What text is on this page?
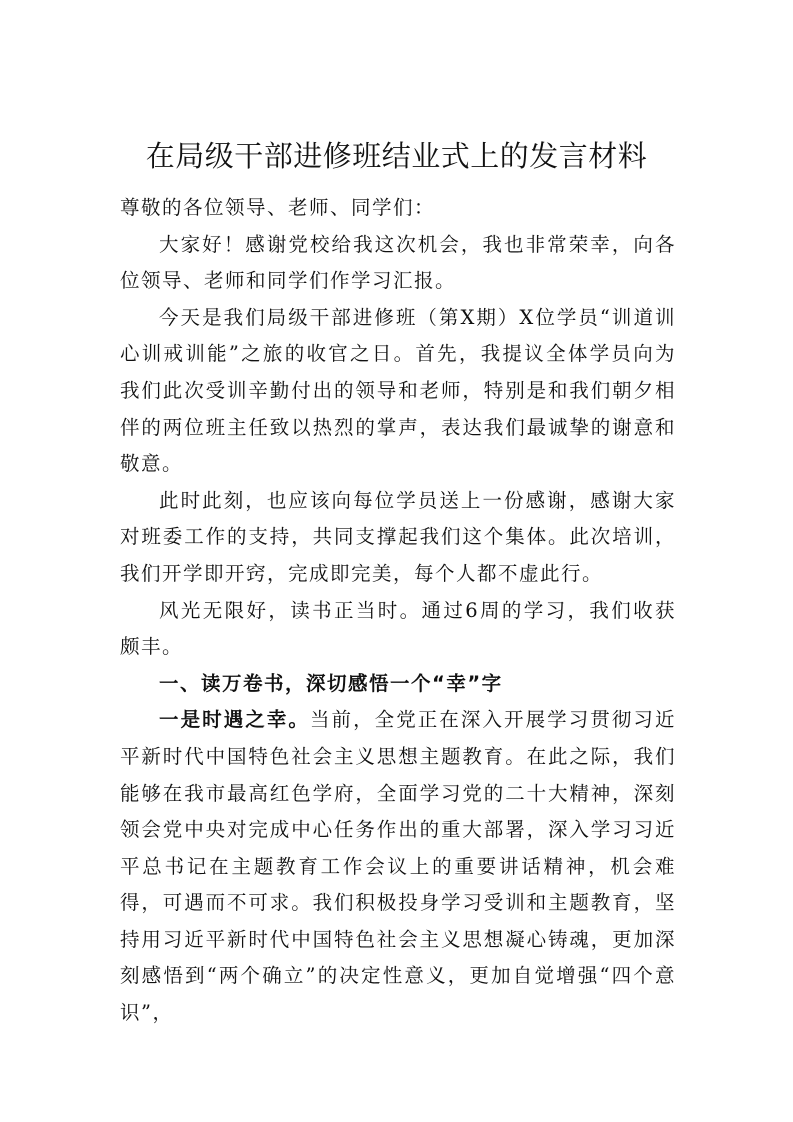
在局级干部进修班结业式上的发言材料

尊敬的各位领导、老师、同学们：

大家好！感谢党校给我这次机会，我也非常荣幸，向各位领导、老师和同学们作学习汇报。

今天是我们局级干部进修班（第X期）X位学员“训道训心训戒训能”之旅的收官之日。首先，我提议全体学员向为我们此次受训辛勤付出的领导和老师，特别是和我们朝夕相伴的两位班主任致以热烈的掌声，表达我们最诚挚的谢意和敬意。

此时此刻，也应该向每位学员送上一份感谢，感谢大家对班委工作的支持，共同支撑起我们这个集体。此次培训，我们开学即开窍，完成即完美，每个人都不虚此行。

风光无限好，读书正当时。通过6周的学习，我们收获颇丰。

一、读万卷书，深切感悟一个“幸”字

一是时遇之幸。当前，全党正在深入开展学习贯彻习近平新时代中国特色社会主义思想主题教育。在此之际，我们能够在我市最高红色学府，全面学习党的二十大精神，深刻领会党中央对完成中心任务作出的重大部署，深入学习习近平总书记在主题教育工作会议上的重要讲话精神，机会难得，可遇而不可求。我们积极投身学习受训和主题教育，坚持用习近平新时代中国特色社会主义思想凝心铸魂，更加深刻感悟到“两个确立”的决定性意义，更加自觉增强“四个意识”，
